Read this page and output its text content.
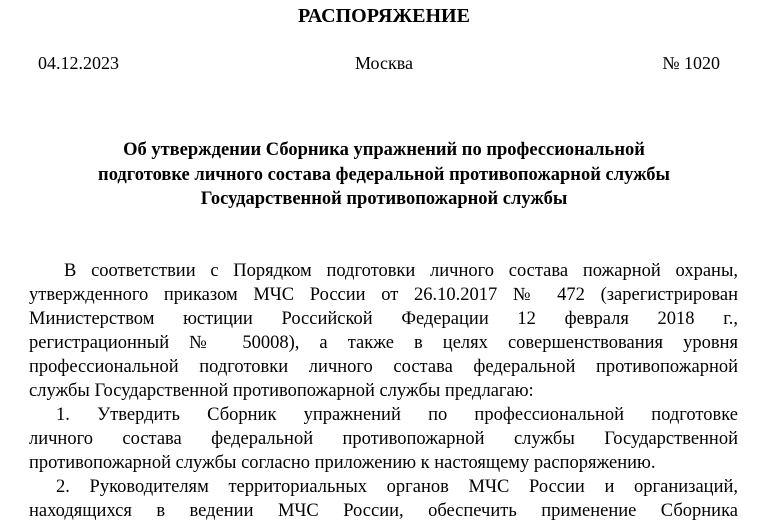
РАСПОРЯЖЕНИЕ
04.12.2023	Москва	№ 1020
Об утверждении Сборника упражнений по профессиональной
подготовке личного состава федеральной противопожарной службы
Государственной противопожарной службы
В соответствии с Порядком подготовки личного состава пожарной охраны,
утвержденного приказом МЧС России от 26.10.2017 № 472 (зарегистрирован
Министерством юстиции Российской Федерации 12 февраля 2018 г.,
регистрационный № 50008), а также в целях совершенствования уровня
профессиональной подготовки личного состава федеральной противопожарной
службы Государственной противопожарной службы предлагаю:
1. Утвердить Сборник упражнений по профессиональной подготовке
личного состава федеральной противопожарной службы Государственной
противопожарной службы согласно приложению к настоящему распоряжению.
2. Руководителям территориальных органов МЧС России и организаций,
находящихся в ведении МЧС России, обеспечить применение Сборника
